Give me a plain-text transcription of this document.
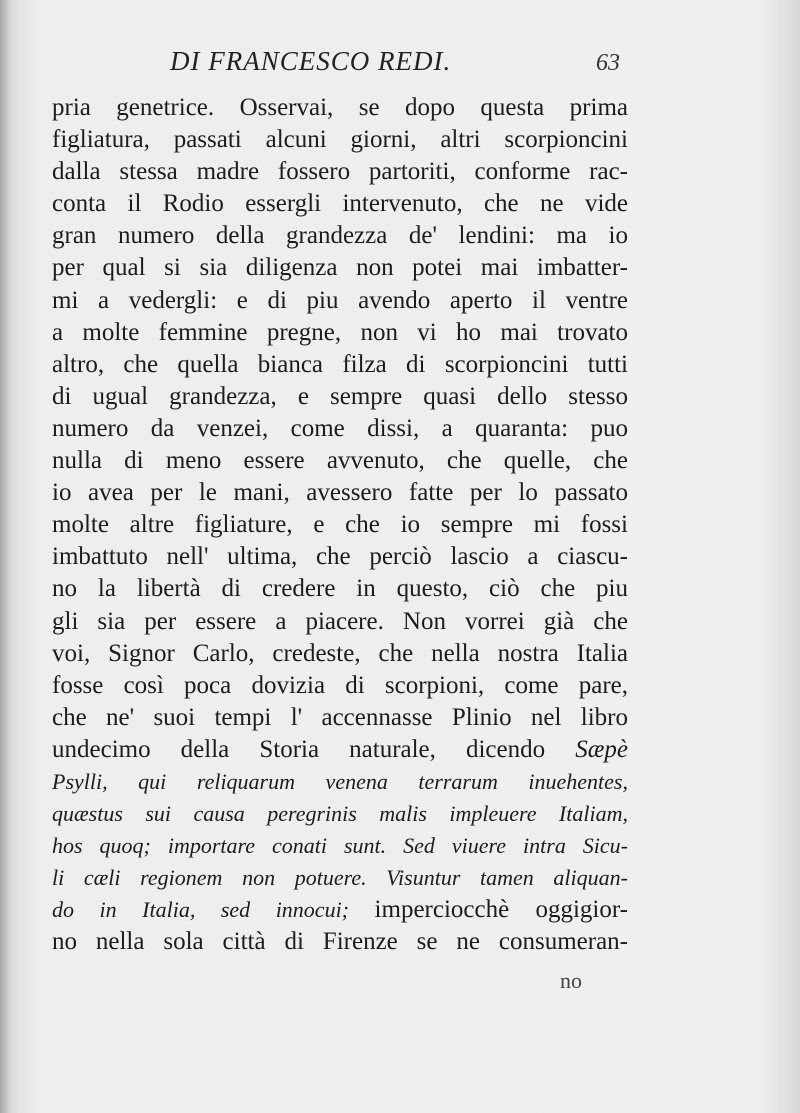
DI FRANCESCO REDI.	63
pria genetrice. Osservai, se dopo questa prima
figliatura, passati alcuni giorni, altri scorpioncini
dalla stessa madre fossero partoriti, conforme rac-
conta il Rodio essergli intervenuto, che ne vide
gran numero della grandezza de' lendini: ma io
per qual si sia diligenza non potei mai imbatter-
mi a vedergli: e di piu avendo aperto il ventre
a molte femmine pregne, non vi ho mai trovato
altro, che quella bianca filza di scorpioncini tutti
di ugual grandezza, e sempre quasi dello stesso
numero da venzei, come dissi, a quaranta: puo
nulla di meno essere avvenuto, che quelle, che
io avea per le mani, avessero fatte per lo passato
molte altre figliature, e che io sempre mi fossi
imbattuto nell' ultima, che perciò lascio a ciascu-
no la libertà di credere in questo, ciò che piu
gli sia per essere a piacere. Non vorrei già che
voi, Signor Carlo, credeste, che nella nostra Italia
fosse così poca dovizia di scorpioni, come pare,
che ne' suoi tempi l' accennasse Plinio nel libro
undecimo della Storia naturale, dicendo Sæpè
Psylli, qui reliquarum venena terrarum inuehentes,
quæstus sui causa peregrinis malis impleuere Italiam,
hos quoq; importare conati sunt. Sed viuere intra Sicu-
li cæli regionem non potuere. Visuntur tamen aliquan-
do in Italia, sed innocui; imperciocchè oggigior-
no nella sola città di Firenze se ne consumeran-
no
